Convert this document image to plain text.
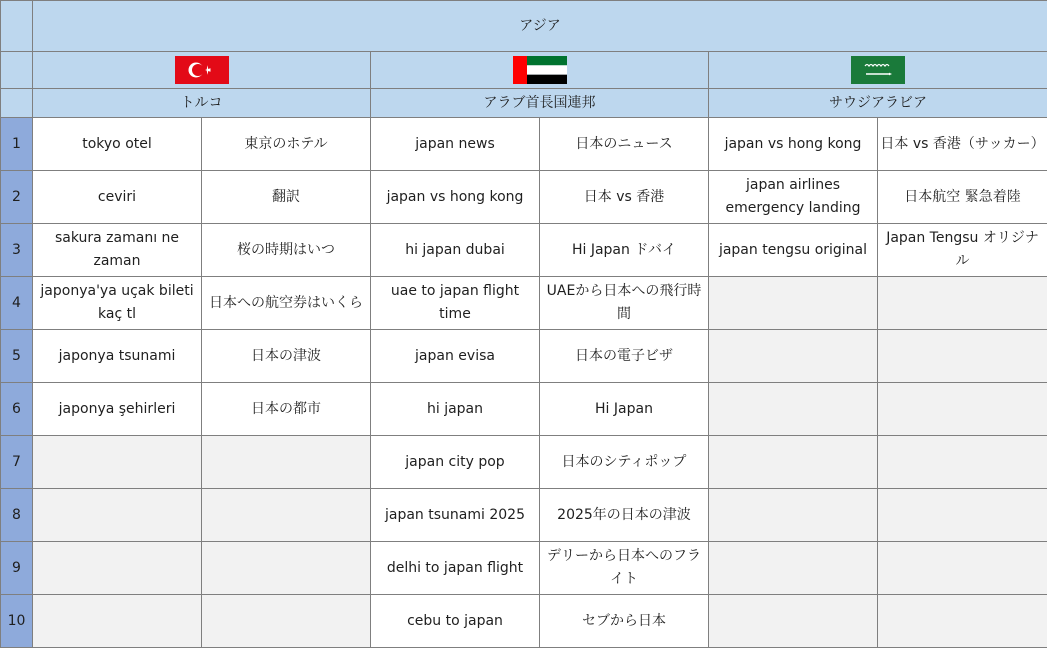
	アジア					

	トルコ		アラブ首長国連邦		サウジアラビア	
1	tokyo otel	東京のホテル	japan news	日本のニュース	japan vs hong kong	日本 vs 香港（サッカー）
2	ceviri	翻訳	japan vs hong kong	日本 vs 香港	japan airlines emergency landing	日本航空 緊急着陸
3	sakura zamanı ne zaman	桜の時期はいつ	hi japan dubai	Hi Japan ドバイ	japan tengsu original	Japan Tengsu オリジナル
4	japonya'ya uçak bileti kaç tl	日本への航空券はいくら	uae to japan flight time	UAEから日本への飛行時間		
5	japonya tsunami	日本の津波	japan evisa	日本の電子ビザ		
6	japonya şehirleri	日本の都市	hi japan	Hi Japan		
7			japan city pop	日本のシティポップ		
8			japan tsunami 2025	2025年の日本の津波		
9			delhi to japan flight	デリーから日本へのフライト		
10			cebu to japan	セブから日本		
